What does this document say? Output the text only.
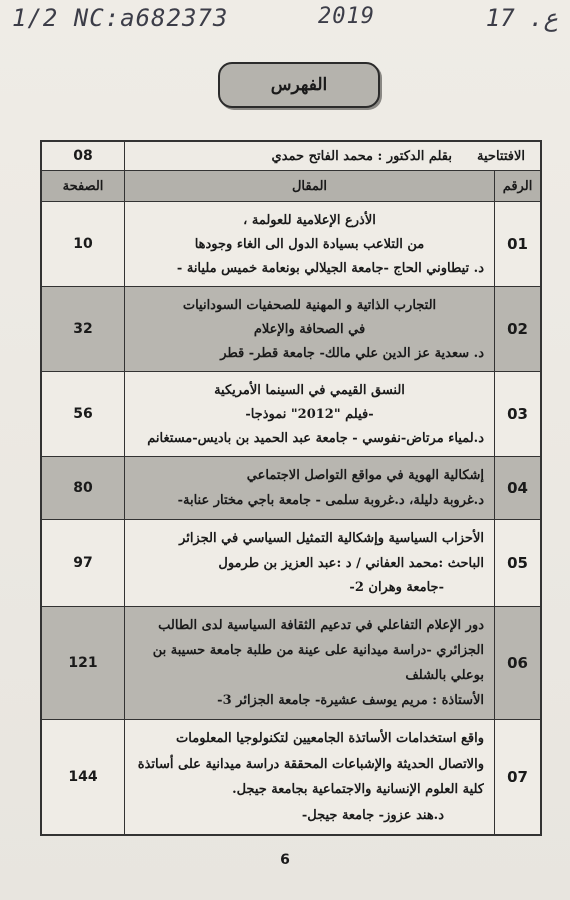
1/2 NC:a682373	2019	17 .ع
الفهرس
الافتتاحية
بقلم الدكتور : محمد الفاتح حمدي
08
الرقم
المقال
الصفحة
01
الأذرع الإعلامية للعولمة ،
من التلاعب بسيادة الدول الى الغاء وجودها
د. تيطاوني الحاج -جامعة الجيلالي بونعامة خميس مليانة -
10
02
التجارب الذاتية و المهنية للصحفيات السودانيات
في الصحافة والإعلام
د. سعدية عز الدين علي مالك- جامعة قطر- قطر
32
03
النسق القيمي في السينما الأمريكية
-فيلم "2012" نموذجا-
د.لمياء مرتاض-نفوسي - جامعة عبد الحميد بن باديس-مستغانم
56
04
إشكالية الهوية في مواقع التواصل الاجتماعي
د.غروبة دليلة، د.غروبة سلمى - جامعة باجي مختار عنابة-
80
05
الأحزاب السياسية وإشكالية التمثيل السياسي في الجزائر
الباحث :محمد العفاني / د :عبد العزيز بن طرمول
-جامعة وهران 2-
97
06
دور الإعلام التفاعلي في تدعيم الثقافة السياسية لدى الطالب
الجزائري -دراسة ميدانية على عينة من طلبة جامعة حسيبة بن
بوعلي بالشلف
الأستاذة : مريم يوسف عشيرة- جامعة الجزائر 3-
121
07
واقع استخدامات الأساتذة الجامعيين لتكنولوجيا المعلومات
والاتصال الحديثة والإشباعات المحققة دراسة ميدانية على أساتذة
كلية العلوم الإنسانية والاجتماعية بجامعة جيجل.
د.هند عزوز- جامعة جيجل-
144
6
